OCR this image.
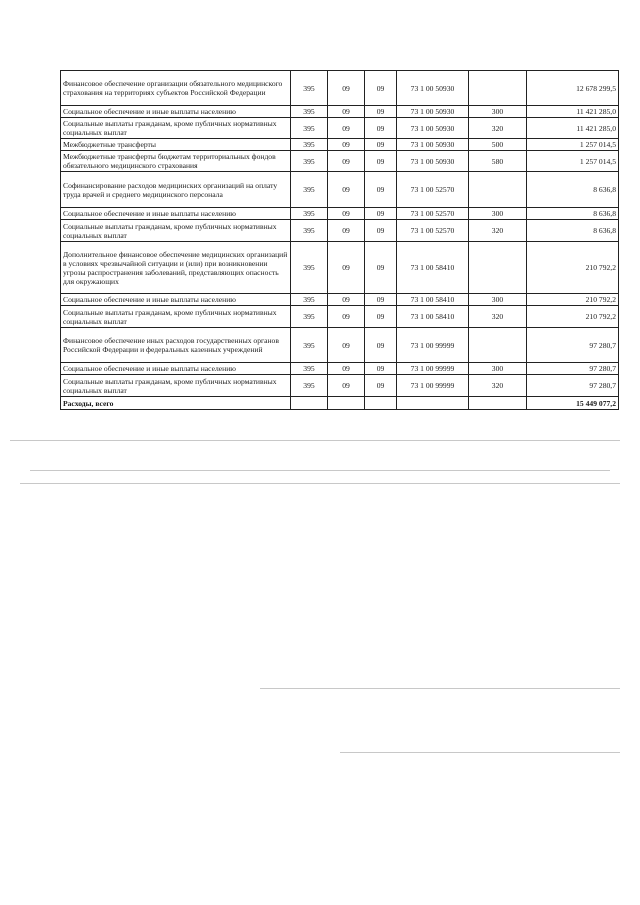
Финансовое обеспечение организации обязательного медицинского страхования на территориях субъектов Российской Федерации	395	09	09	73 1 00 50930		12 678 299,5
Социальное обеспечение и иные выплаты населению	395	09	09	73 1 00 50930	300	11 421 285,0
Социальные выплаты гражданам, кроме публичных нормативных социальных выплат	395	09	09	73 1 00 50930	320	11 421 285,0
Межбюджетные трансферты	395	09	09	73 1 00 50930	500	1 257 014,5
Межбюджетные трансферты бюджетам территориальных фондов обязательного медицинского страхования	395	09	09	73 1 00 50930	580	1 257 014,5
Софинансирование расходов медицинских организаций на оплату труда врачей и среднего медицинского персонала	395	09	09	73 1 00 52570		8 636,8
Социальное обеспечение и иные выплаты населению	395	09	09	73 1 00 52570	300	8 636,8
Социальные выплаты гражданам, кроме публичных нормативных социальных выплат	395	09	09	73 1 00 52570	320	8 636,8
Дополнительное финансовое обеспечение медицинских организаций в условиях чрезвычайной ситуации и (или) при возникновении угрозы распространения заболеваний, представляющих опасность для окружающих	395	09	09	73 1 00 58410		210 792,2
Социальное обеспечение и иные выплаты населению	395	09	09	73 1 00 58410	300	210 792,2
Социальные выплаты гражданам, кроме публичных нормативных социальных выплат	395	09	09	73 1 00 58410	320	210 792,2
Финансовое обеспечение иных расходов государственных органов Российской Федерации и федеральных казенных учреждений	395	09	09	73 1 00 99999		97 280,7
Социальное обеспечение и иные выплаты населению	395	09	09	73 1 00 99999	300	97 280,7
Социальные выплаты гражданам, кроме публичных нормативных социальных выплат	395	09	09	73 1 00 99999	320	97 280,7
Расходы, всего						15 449 077,2
